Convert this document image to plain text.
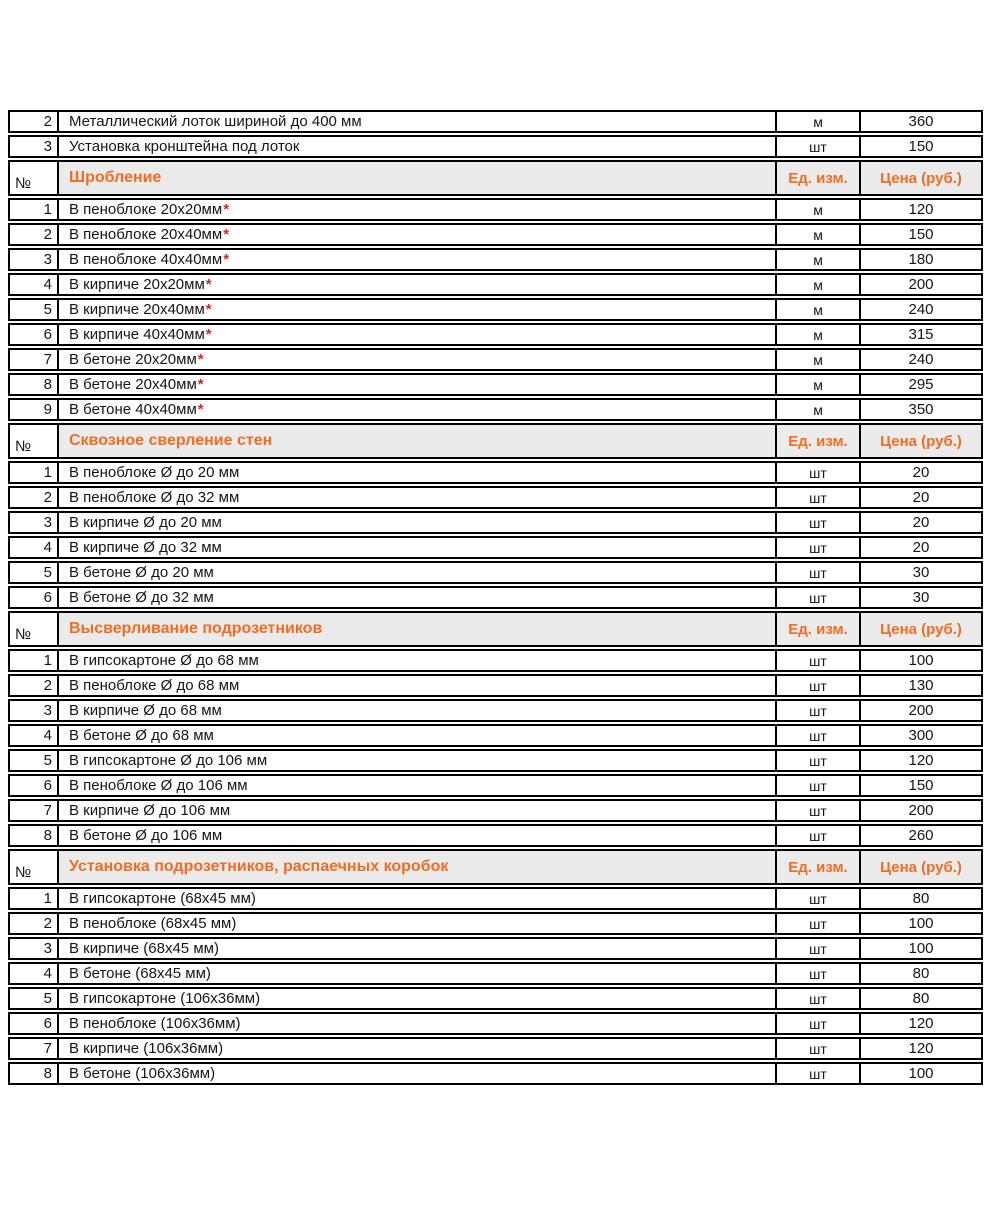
2	Металлический лоток шириной до 400 мм	м	360
3	Установка кронштейна под лоток	шт	150
№	Шробление	Ед. изм.	Цена (руб.)
1	В пеноблоке 20х20мм *	м	120
2	В пеноблоке 20х40мм *	м	150
3	В пеноблоке 40х40мм *	м	180
4	В кирпиче 20х20мм *	м	200
5	В кирпиче 20х40мм *	м	240
6	В кирпиче 40х40мм *	м	315
7	В бетоне 20х20мм *	м	240
8	В бетоне 20х40мм *	м	295
9	В бетоне 40х40мм *	м	350
№	Сквозное сверление стен	Ед. изм.	Цена (руб.)
1	В пеноблоке Ø до 20 мм	шт	20
2	В пеноблоке Ø до 32 мм	шт	20
3	В кирпиче Ø до 20 мм	шт	20
4	В кирпиче Ø до 32 мм	шт	20
5	В бетоне Ø до 20 мм	шт	30
6	В бетоне Ø до 32 мм	шт	30
№	Высверливание подрозетников	Ед. изм.	Цена (руб.)
1	В гипсокартоне Ø до 68 мм	шт	100
2	В пеноблоке Ø до 68 мм	шт	130
3	В кирпиче Ø до 68 мм	шт	200
4	В бетоне Ø до 68 мм	шт	300
5	В гипсокартоне Ø до 106 мм	шт	120
6	В пеноблоке Ø до 106 мм	шт	150
7	В кирпиче Ø до 106 мм	шт	200
8	В бетоне Ø до 106 мм	шт	260
№	Установка подрозетников, распаечных коробок	Ед. изм.	Цена (руб.)
1	В гипсокартоне (68х45 мм)	шт	80
2	В пеноблоке (68х45 мм)	шт	100
3	В кирпиче (68х45 мм)	шт	100
4	В бетоне (68х45 мм)	шт	80
5	В гипсокартоне (106х36мм)	шт	80
6	В пеноблоке (106х36мм)	шт	120
7	В кирпиче (106х36мм)	шт	120
8	В бетоне (106х36мм)	шт	100
